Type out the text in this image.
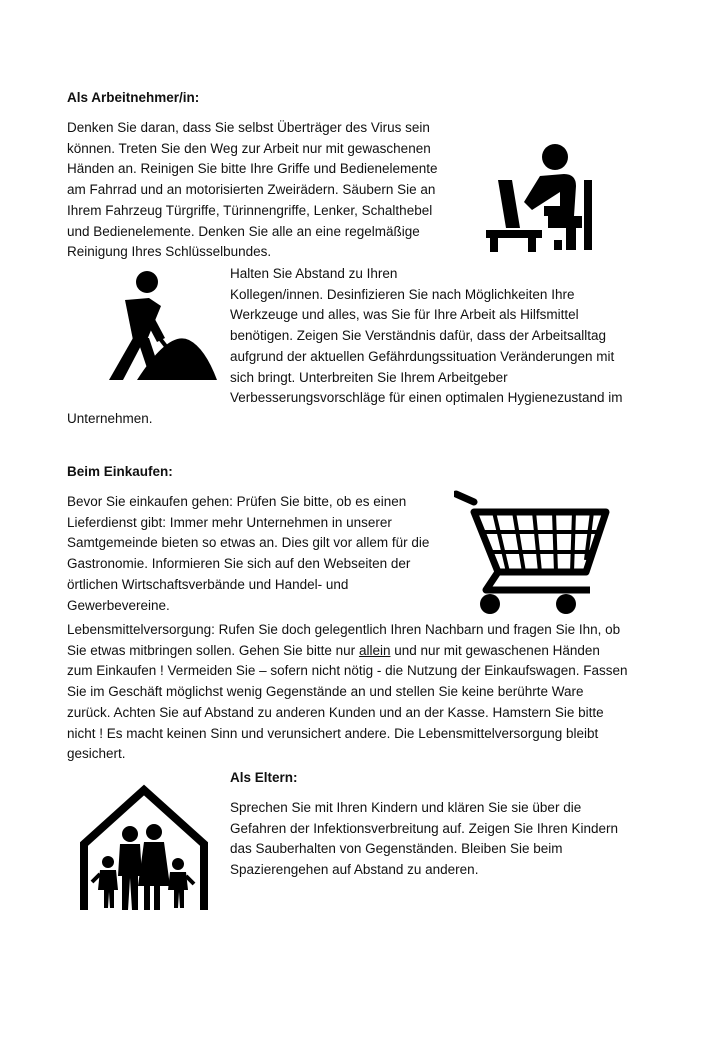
Als Arbeitnehmer/in:

Denken Sie daran, dass Sie selbst Überträger des Virus sein

können. Treten Sie den Weg zur Arbeit nur mit gewaschenen

Händen an. Reinigen Sie bitte Ihre Griffe und Bedienelemente

am Fahrrad und an motorisierten Zweirädern. Säubern Sie an

Ihrem Fahrzeug Türgriffe, Türinnengriffe, Lenker, Schalthebel

und Bedienelemente. Denken Sie alle an eine regelmäßige

Reinigung Ihres Schlüsselbundes.

Halten Sie Abstand zu Ihren

Kollegen/innen. Desinfizieren Sie nach Möglichkeiten Ihre

Werkzeuge und alles, was Sie für Ihre Arbeit als Hilfsmittel

benötigen. Zeigen Sie Verständnis dafür, dass der Arbeitsalltag

aufgrund der aktuellen Gefährdungssituation Veränderungen mit

sich bringt. Unterbreiten Sie Ihrem Arbeitgeber

Verbesserungsvorschläge für einen optimalen Hygienezustand im

Unternehmen.

Beim Einkaufen:

Bevor Sie einkaufen gehen: Prüfen Sie bitte, ob es einen

Lieferdienst gibt: Immer mehr Unternehmen in unserer

Samtgemeinde bieten so etwas an. Dies gilt vor allem für die

Gastronomie. Informieren Sie sich auf den Webseiten der

örtlichen Wirtschaftsverbände und Handel- und

Gewerbevereine.

Lebensmittelversorgung: Rufen Sie doch gelegentlich Ihren Nachbarn und fragen Sie Ihn, ob

Sie etwas mitbringen sollen. Gehen Sie bitte nur allein und nur mit gewaschenen Händen

zum Einkaufen ! Vermeiden Sie – sofern nicht nötig - die Nutzung der Einkaufswagen. Fassen

Sie im Geschäft möglichst wenig Gegenstände an und stellen Sie keine berührte Ware

zurück. Achten Sie auf Abstand zu anderen Kunden und an der Kasse. Hamstern Sie bitte

nicht ! Es macht keinen Sinn und verunsichert andere. Die Lebensmittelversorgung bleibt

gesichert.

Als Eltern:

Sprechen Sie mit Ihren Kindern und klären Sie sie über die

Gefahren der Infektionsverbreitung auf. Zeigen Sie Ihren Kindern

das Sauberhalten von Gegenständen. Bleiben Sie beim

Spazierengehen auf Abstand zu anderen.
